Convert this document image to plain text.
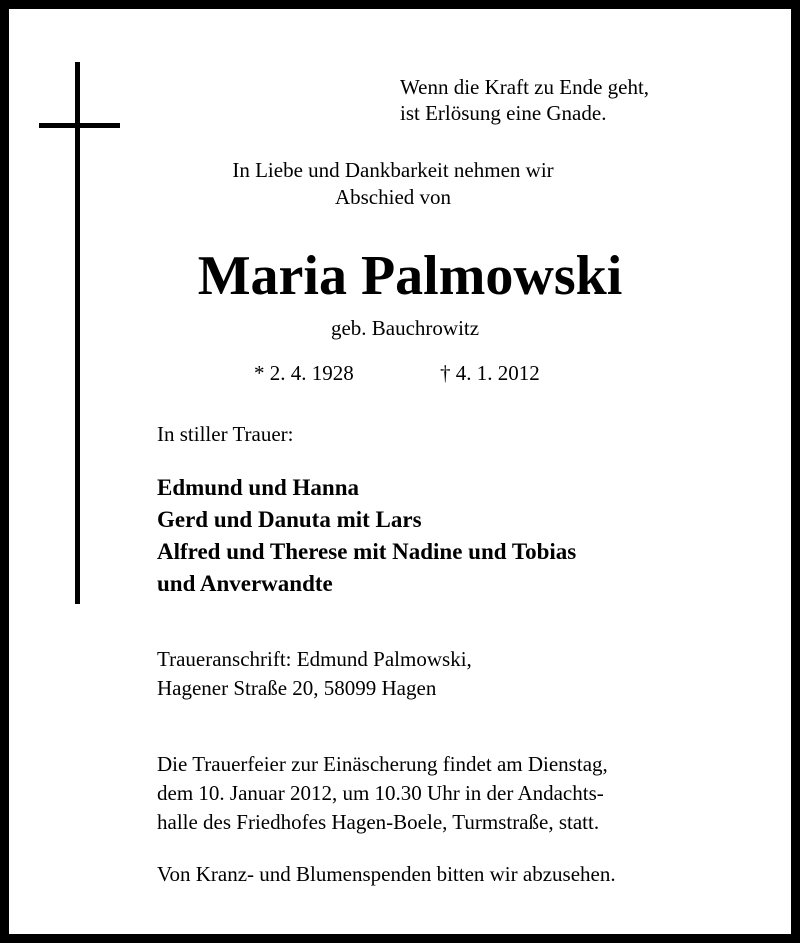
Wenn die Kraft zu Ende geht,
ist Erlösung eine Gnade.
In Liebe und Dankbarkeit nehmen wir
Abschied von
Maria Palmowski
geb. Bauchrowitz
* 2. 4. 1928	† 4. 1. 2012
In stiller Trauer:
Edmund und Hanna
Gerd und Danuta mit Lars
Alfred und Therese mit Nadine und Tobias
und Anverwandte
Traueranschrift: Edmund Palmowski,
Hagener Straße 20, 58099 Hagen
Die Trauerfeier zur Einäscherung findet am Dienstag,
dem 10. Januar 2012, um 10.30 Uhr in der Andachts-
halle des Friedhofes Hagen-Boele, Turmstraße, statt.
Von Kranz- und Blumenspenden bitten wir abzusehen.
